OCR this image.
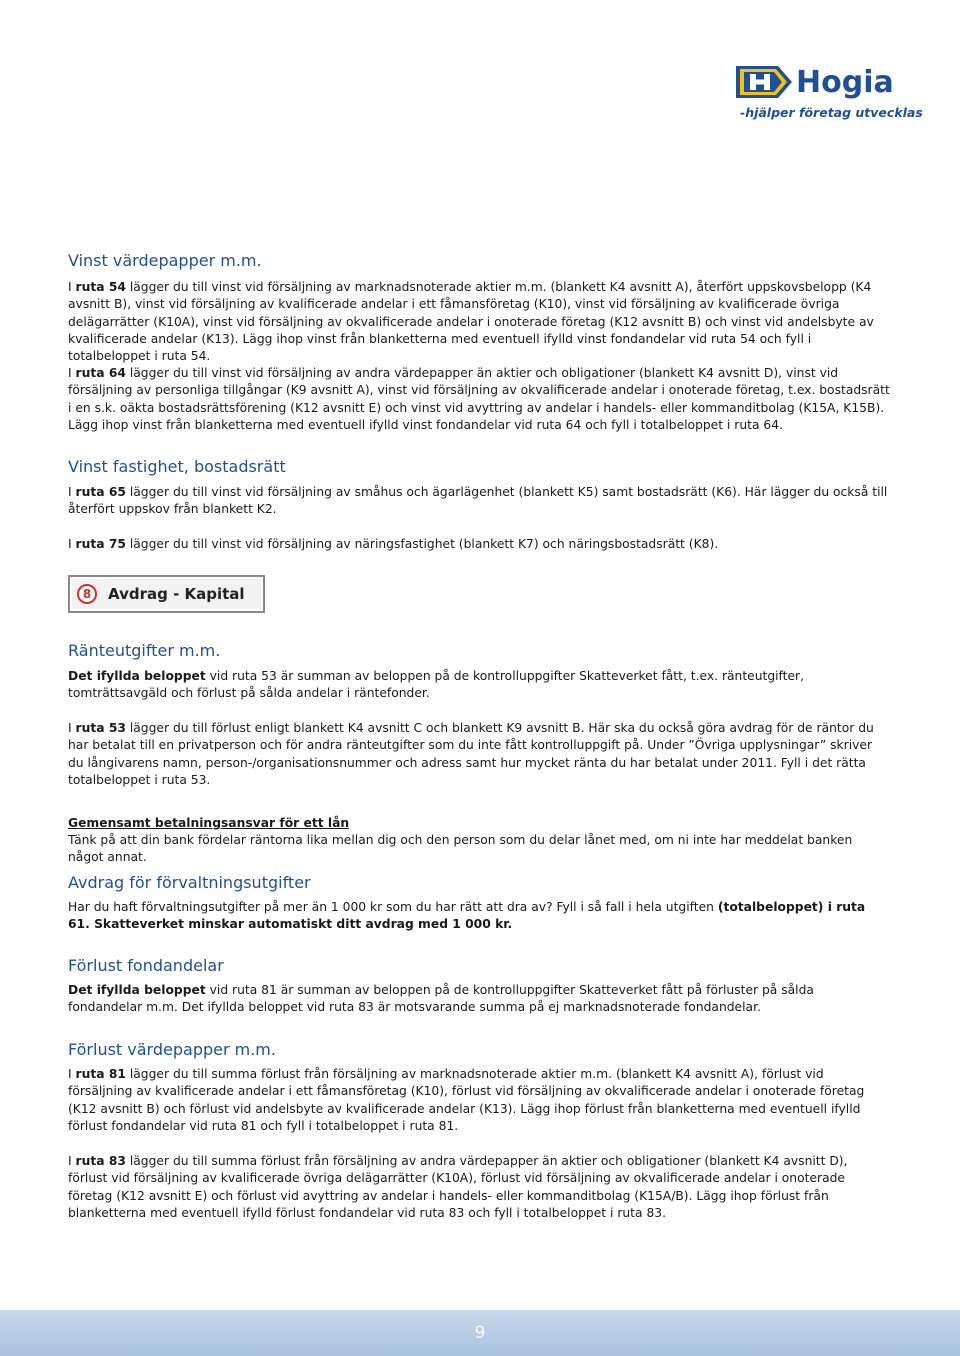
Hogia
-hjälper företag utvecklas
Vinst värdepapper m.m.

I ruta 54 lägger du till vinst vid försäljning av marknadsnoterade aktier m.m. (blankett K4 avsnitt A), återfört uppskovsbelopp (K4 avsnitt B), vinst vid försäljning av kvalificerade andelar i ett fåmansföretag (K10), vinst vid försäljning av kvalificerade övriga delägarrätter (K10A), vinst vid försäljning av okvalificerade andelar i onoterade företag (K12 avsnitt B) och vinst vid andelsbyte av kvalificerade andelar (K13). Lägg ihop vinst från blanketterna med eventuell ifylld vinst fondandelar vid ruta 54 och fyll i totalbeloppet i ruta 54.

I ruta 64 lägger du till vinst vid försäljning av andra värdepapper än aktier och obligationer (blankett K4 avsnitt D), vinst vid försäljning av personliga tillgångar (K9 avsnitt A), vinst vid försäljning av okvalificerade andelar i onoterade företag, t.ex. bostadsrätt i en s.k. oäkta bostadsrättsförening (K12 avsnitt E) och vinst vid avyttring av andelar i handels- eller kommanditbolag (K15A, K15B). Lägg ihop vinst från blanketterna med eventuell ifylld vinst fondandelar vid ruta 64 och fyll i totalbeloppet i ruta 64.

Vinst fastighet, bostadsrätt

I ruta 65 lägger du till vinst vid försäljning av småhus och ägarlägenhet (blankett K5) samt bostadsrätt (K6). Här lägger du också till återfört uppskov från blankett K2.

I ruta 75 lägger du till vinst vid försäljning av näringsfastighet (blankett K7) och näringsbostadsrätt (K8).

8	Avdrag - Kapital
Ränteutgifter m.m.

Det ifyllda beloppet vid ruta 53 är summan av beloppen på de kontrolluppgifter Skatteverket fått, t.ex. ränteutgifter, tomträttsavgäld och förlust på sålda andelar i räntefonder.

I ruta 53 lägger du till förlust enligt blankett K4 avsnitt C och blankett K9 avsnitt B. Här ska du också göra avdrag för de räntor du har betalat till en privatperson och för andra ränteutgifter som du inte fått kontrolluppgift på. Under ”Övriga upplysningar” skriver du långivarens namn, person-/organisationsnummer och adress samt hur mycket ränta du har betalat under 2011. Fyll i det rätta totalbeloppet i ruta 53.

Gemensamt betalningsansvar för ett lån

Tänk på att din bank fördelar räntorna lika mellan dig och den person som du delar lånet med, om ni inte har meddelat banken något annat.

Avdrag för förvaltningsutgifter

Har du haft förvaltningsutgifter på mer än 1 000 kr som du har rätt att dra av? Fyll i så fall i hela utgiften (totalbeloppet) i ruta 61. Skatteverket minskar automatiskt ditt avdrag med 1 000 kr.

Förlust fondandelar

Det ifyllda beloppet vid ruta 81 är summan av beloppen på de kontrolluppgifter Skatteverket fått på förluster på sålda fondandelar m.m. Det ifyllda beloppet vid ruta 83 är motsvarande summa på ej marknadsnoterade fondandelar.

Förlust värdepapper m.m.

I ruta 81 lägger du till summa förlust från försäljning av marknadsnoterade aktier m.m. (blankett K4 avsnitt A), förlust vid försäljning av kvalificerade andelar i ett fåmansföretag (K10), förlust vid försäljning av okvalificerade andelar i onoterade företag (K12 avsnitt B) och förlust vid andelsbyte av kvalificerade andelar (K13). Lägg ihop förlust från blanketterna med eventuell ifylld förlust fondandelar vid ruta 81 och fyll i totalbeloppet i ruta 81.

I ruta 83 lägger du till summa förlust från försäljning av andra värdepapper än aktier och obligationer (blankett K4 avsnitt D), förlust vid försäljning av kvalificerade övriga delägarrätter (K10A), förlust vid försäljning av okvalificerade andelar i onoterade företag (K12 avsnitt E) och förlust vid avyttring av andelar i handels- eller kommanditbolag (K15A/B). Lägg ihop förlust från blanketterna med eventuell ifylld förlust fondandelar vid ruta 83 och fyll i totalbeloppet i ruta 83.

9
